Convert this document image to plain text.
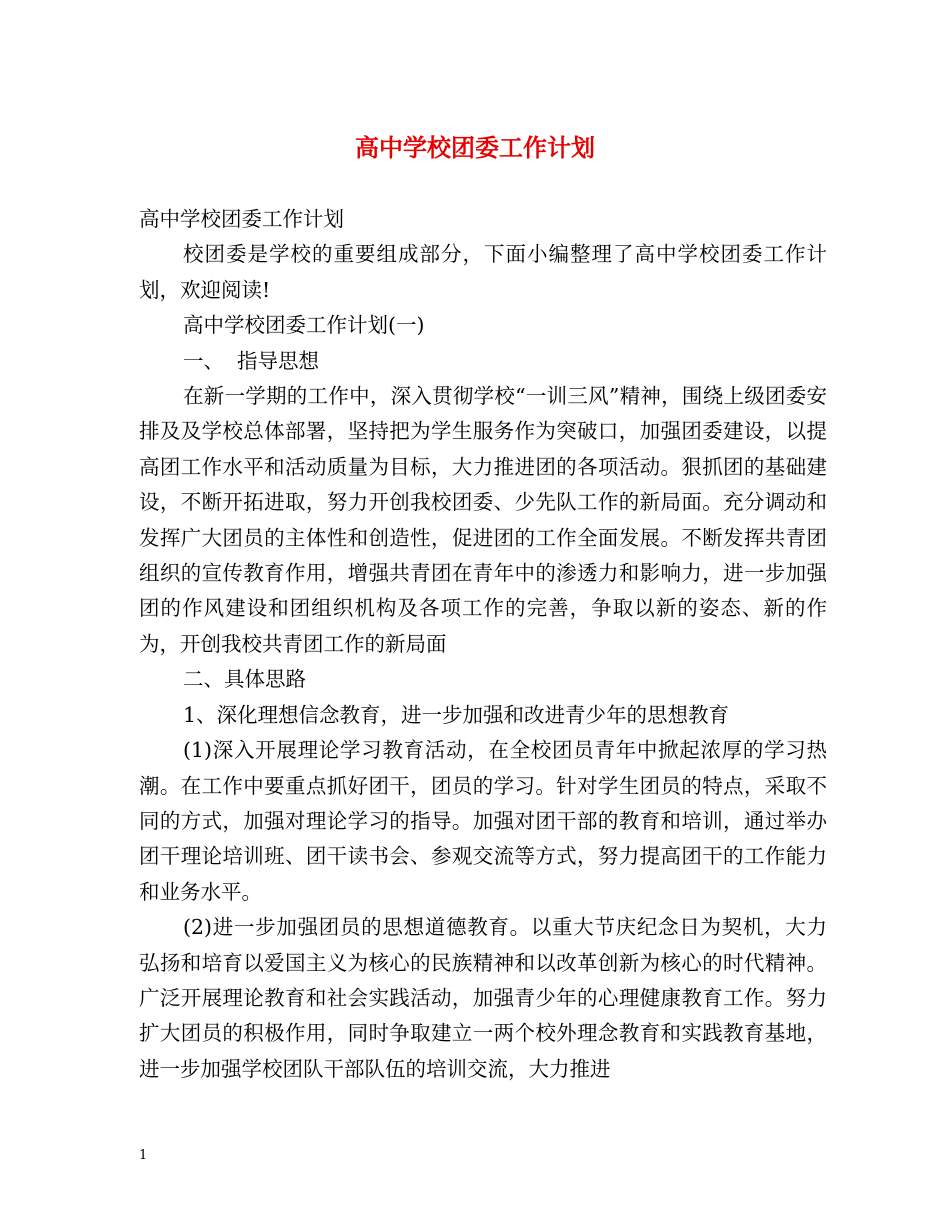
高中学校团委工作计划

高中学校团委工作计划

校团委是学校的重要组成部分，下面小编整理了高中学校团委工作计划，欢迎阅读!

高中学校团委工作计划(一)

一、  指导思想

在新一学期的工作中，深入贯彻学校“一训三风”精神，围绕上级团委安排及及学校总体部署，坚持把为学生服务作为突破口，加强团委建设，以提高团工作水平和活动质量为目标，大力推进团的各项活动。狠抓团的基础建设，不断开拓进取，努力开创我校团委、少先队工作的新局面。充分调动和发挥广大团员的主体性和创造性，促进团的工作全面发展。不断发挥共青团组织的宣传教育作用，增强共青团在青年中的渗透力和影响力，进一步加强团的作风建设和团组织机构及各项工作的完善，争取以新的姿态、新的作为，开创我校共青团工作的新局面

二、具体思路

1、深化理想信念教育，进一步加强和改进青少年的思想教育

(1)深入开展理论学习教育活动，在全校团员青年中掀起浓厚的学习热潮。在工作中要重点抓好团干，团员的学习。针对学生团员的特点，采取不同的方式，加强对理论学习的指导。加强对团干部的教育和培训，通过举办团干理论培训班、团干读书会、参观交流等方式，努力提高团干的工作能力和业务水平。

(2)进一步加强团员的思想道德教育。以重大节庆纪念日为契机，大力弘扬和培育以爱国主义为核心的民族精神和以改革创新为核心的时代精神。广泛开展理论教育和社会实践活动，加强青少年的心理健康教育工作。努力扩大团员的积极作用，同时争取建立一两个校外理念教育和实践教育基地，进一步加强学校团队干部队伍的培训交流，大力推进

1
